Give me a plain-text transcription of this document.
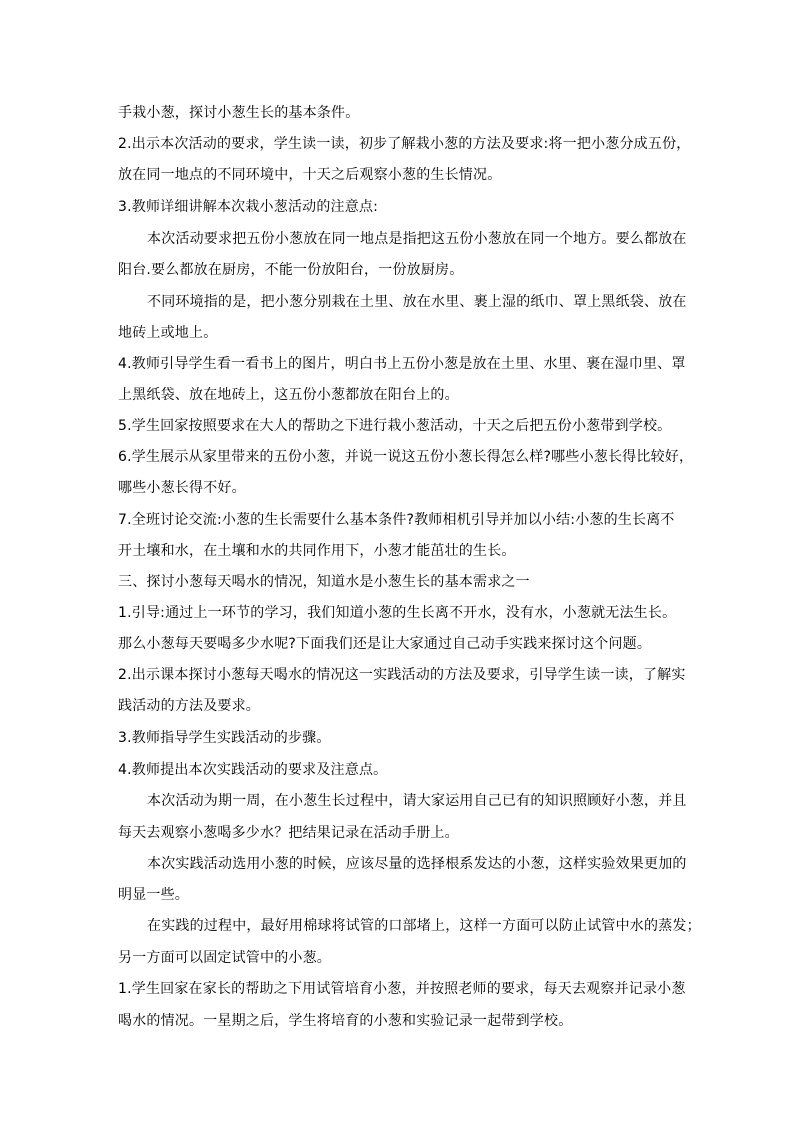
手栽小葱，探讨小葱生长的基本条件。
2.出示本次活动的要求，学生读一读，初步了解栽小葱的方法及要求:将一把小葱分成五份，
放在同一地点的不同环境中，十天之后观察小葱的生长情况。
3.教师详细讲解本次栽小葱活动的注意点:
本次活动要求把五份小葱放在同一地点是指把这五份小葱放在同一个地方。要么都放在
阳台.要么都放在厨房，不能一份放阳台，一份放厨房。
不同环境指的是，把小葱分别栽在土里、放在水里、裹上湿的纸巾、罩上黑纸袋、放在
地砖上或地上。
4.教师引导学生看一看书上的图片，明白书上五份小葱是放在土里、水里、裹在湿巾里、罩
上黑纸袋、放在地砖上，这五份小葱都放在阳台上的。
5.学生回家按照要求在大人的帮助之下进行栽小葱活动，十天之后把五份小葱带到学校。
6.学生展示从家里带来的五份小葱，并说一说这五份小葱长得怎么样?哪些小葱长得比较好，
哪些小葱长得不好。
7.全班讨论交流:小葱的生长需要什么基本条件?教师相机引导并加以小结:小葱的生长离不
开土壤和水，在土壤和水的共同作用下，小葱才能茁壮的生长。
三、探讨小葱每天喝水的情况，知道水是小葱生长的基本需求之一
1.引导:通过上一环节的学习，我们知道小葱的生长离不开水，没有水，小葱就无法生长。
那么小葱每天要喝多少水呢?下面我们还是让大家通过自己动手实践来探讨这个问题。
2.出示课本探讨小葱每天喝水的情况这一实践活动的方法及要求，引导学生读一读，了解实
践活动的方法及要求。
3.教师指导学生实践活动的步骤。
4.教师提出本次实践活动的要求及注意点。
本次活动为期一周，在小葱生长过程中，请大家运用自己已有的知识照顾好小葱，并且
每天去观察小葱喝多少水？把结果记录在活动手册上。
本次实践活动选用小葱的时候，应该尽量的选择根系发达的小葱，这样实验效果更加的
明显一些。
在实践的过程中，最好用棉球将试管的口部堵上，这样一方面可以防止试管中水的蒸发；
另一方面可以固定试管中的小葱。
1.学生回家在家长的帮助之下用试管培育小葱，并按照老师的要求，每天去观察并记录小葱
喝水的情况。一星期之后，学生将培育的小葱和实验记录一起带到学校。
